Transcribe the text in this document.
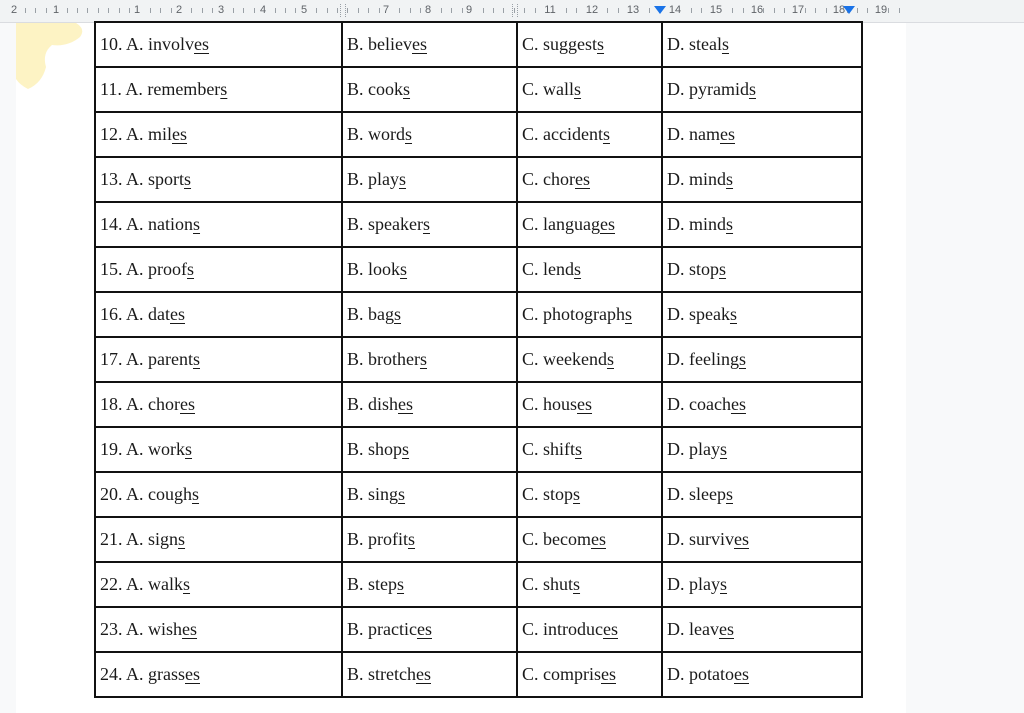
2	1	1	2	3	4	5	7	8	9	11	12	13	14	15	16	17	18	19
10. A. involves	B. believes	C. suggests	D. steals
11. A. remembers	B. cooks	C. walls	D. pyramids
12. A. miles	B. words	C. accidents	D. names
13. A. sports	B. plays	C. chores	D. minds
14. A. nations	B. speakers	C. languages	D. minds
15. A. proofs	B. looks	C. lends	D. stops
16. A. dates	B. bags	C. photographs	D. speaks
17. A. parents	B. brothers	C. weekends	D. feelings
18. A. chores	B. dishes	C. houses	D. coaches
19. A. works	B. shops	C. shifts	D. plays
20. A. coughs	B. sings	C. stops	D. sleeps
21. A. signs	B. profits	C. becomes	D. survives
22. A. walks	B. steps	C. shuts	D. plays
23. A. wishes	B. practices	C. introduces	D. leaves
24. A. grasses	B. stretches	C. comprises	D. potatoes
